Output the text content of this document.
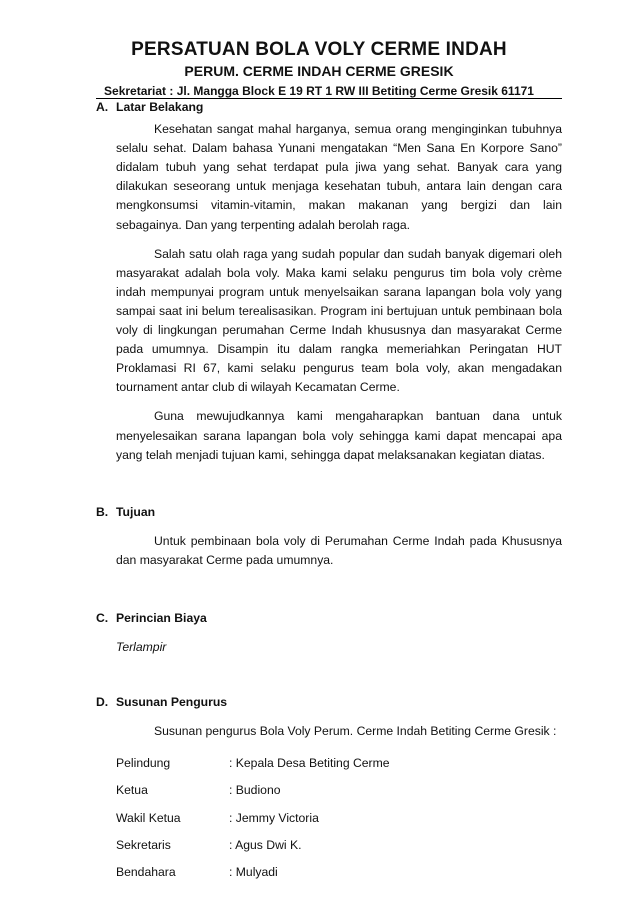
PERSATUAN BOLA VOLY CERME INDAH
PERUM. CERME INDAH CERME GRESIK
Sekretariat : Jl. Mangga Block E 19 RT 1 RW III Betiting Cerme Gresik 61171
A. Latar Belakang

Kesehatan sangat mahal harganya, semua orang menginginkan tubuhnya selalu sehat. Dalam bahasa Yunani mengatakan “Men Sana En Korpore Sano” didalam tubuh yang sehat terdapat pula jiwa yang sehat. Banyak cara yang dilakukan seseorang untuk menjaga kesehatan tubuh, antara lain dengan cara mengkonsumsi vitamin-vitamin, makan makanan yang bergizi dan lain sebagainya. Dan yang terpenting adalah berolah raga.

Salah satu olah raga yang sudah popular dan sudah banyak digemari oleh masyarakat adalah bola voly. Maka kami selaku pengurus tim bola voly crème indah mempunyai program untuk menyelsaikan sarana lapangan bola voly yang sampai saat ini belum terealisasikan. Program ini bertujuan untuk pembinaan bola voly di lingkungan perumahan Cerme Indah khususnya dan masyarakat Cerme pada umumnya. Disampin itu dalam rangka memeriahkan Peringatan HUT Proklamasi RI 67, kami selaku pengurus team bola voly, akan mengadakan tournament antar club di wilayah Kecamatan Cerme.

Guna mewujudkannya kami mengaharapkan bantuan dana untuk menyelesaikan sarana lapangan bola voly sehingga kami dapat mencapai apa yang telah menjadi tujuan kami, sehingga dapat melaksanakan kegiatan diatas.

B. Tujuan

Untuk pembinaan bola voly di Perumahan Cerme Indah pada Khususnya dan masyarakat Cerme pada umumnya.

C. Perincian Biaya
Terlampir
D. Susunan Pengurus

Susunan pengurus Bola Voly Perum. Cerme Indah Betiting Cerme Gresik :

Pelindung	: Kepala Desa Betiting Cerme
Ketua	: Budiono
Wakil Ketua	: Jemmy Victoria
Sekretaris	: Agus Dwi K.
Bendahara	: Mulyadi
